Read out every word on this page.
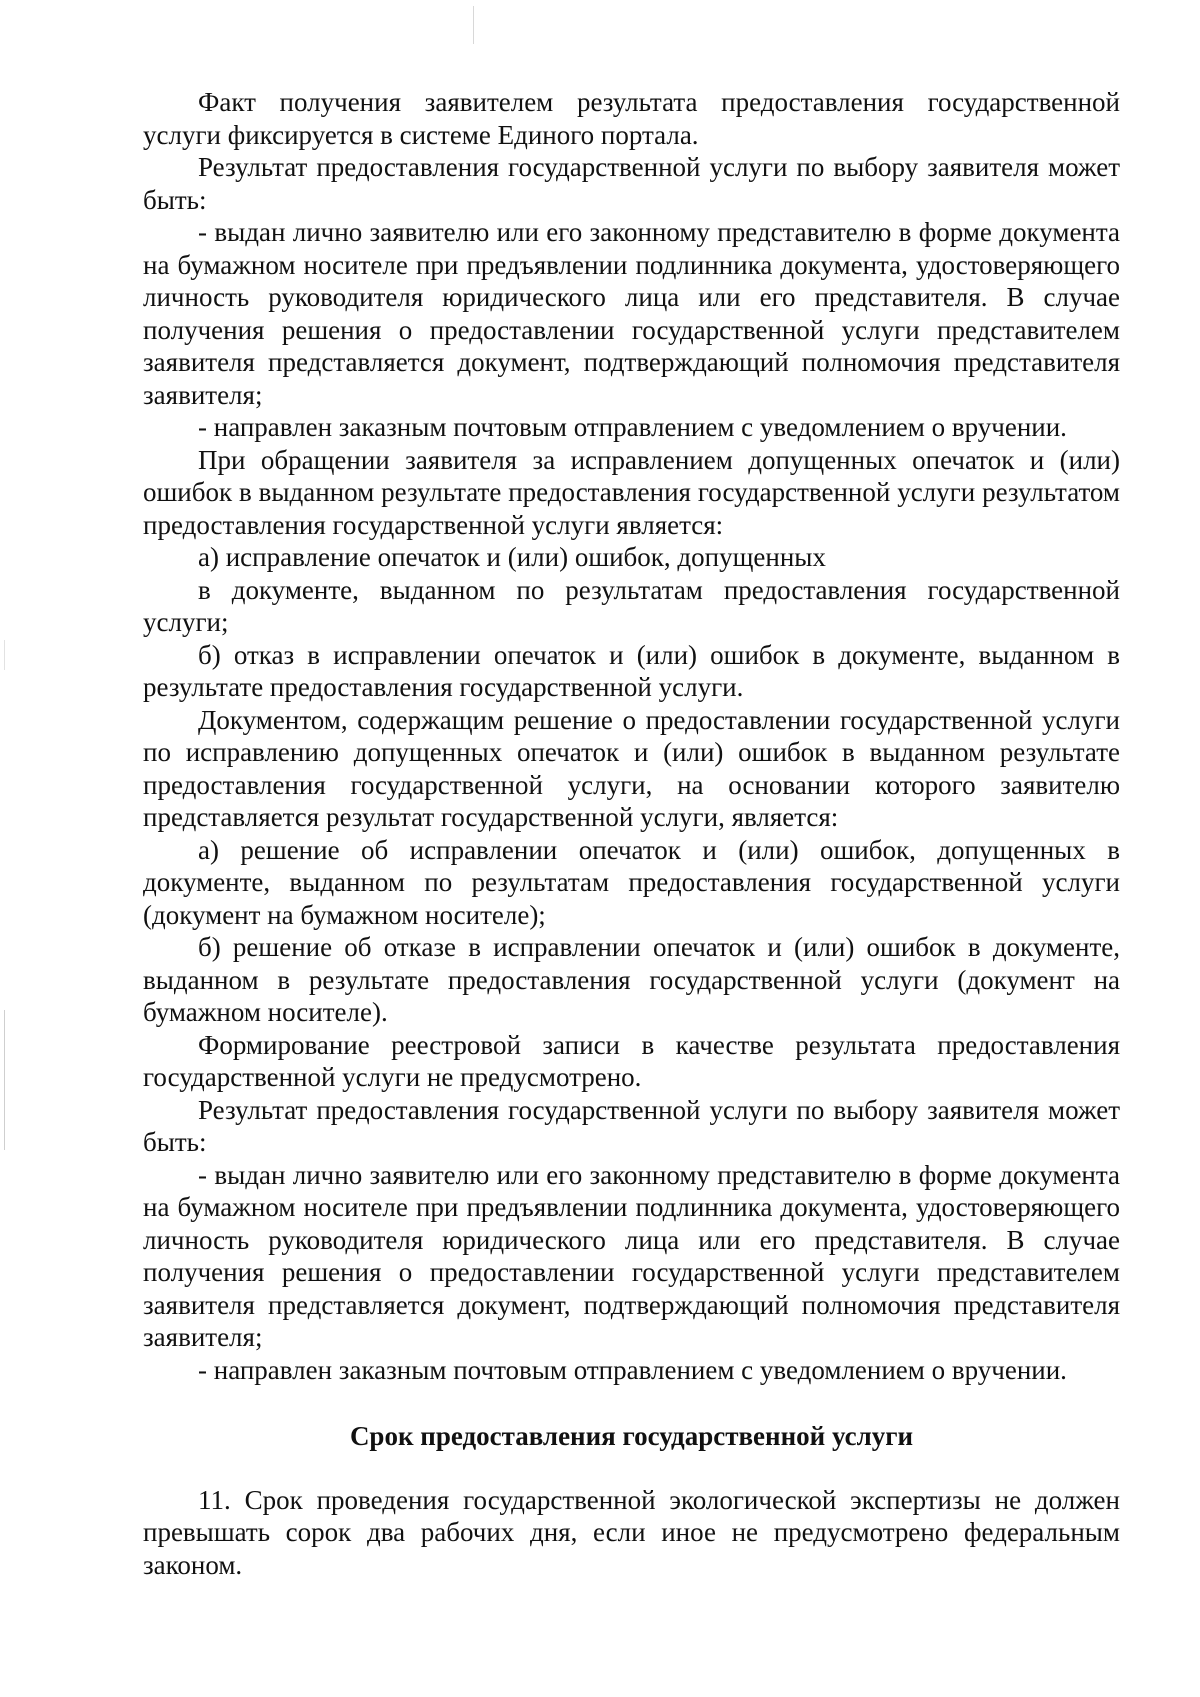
Факт получения заявителем результата предоставления государственной услуги фиксируется в системе Единого портала.

Результат предоставления государственной услуги по выбору заявителя может быть:

- выдан лично заявителю или его законному представителю в форме документа на бумажном носителе при предъявлении подлинника документа, удостоверяющего личность руководителя юридического лица или его представителя. В случае получения решения о предоставлении государственной услуги представителем заявителя представляется документ, подтверждающий полномочия представителя заявителя;

- направлен заказным почтовым отправлением с уведомлением о вручении.

При обращении заявителя за исправлением допущенных опечаток и (или) ошибок в выданном результате предоставления государственной услуги результатом предоставления государственной услуги является:

а) исправление опечаток и (или) ошибок, допущенных

в документе, выданном по результатам предоставления государственной услуги;

б) отказ в исправлении опечаток и (или) ошибок в документе, выданном в результате предоставления государственной услуги.

Документом, содержащим решение о предоставлении государственной услуги по исправлению допущенных опечаток и (или) ошибок в выданном результате предоставления государственной услуги, на основании которого заявителю представляется результат государственной услуги, является:

а) решение об исправлении опечаток и (или) ошибок, допущенных в документе, выданном по результатам предоставления государственной услуги (документ на бумажном носителе);

б) решение об отказе в исправлении опечаток и (или) ошибок в документе, выданном в результате предоставления государственной услуги (документ на бумажном носителе).

Формирование реестровой записи в качестве результата предоставления государственной услуги не предусмотрено.

Результат предоставления государственной услуги по выбору заявителя может быть:

- выдан лично заявителю или его законному представителю в форме документа на бумажном носителе при предъявлении подлинника документа, удостоверяющего личность руководителя юридического лица или его представителя. В случае получения решения о предоставлении государственной услуги представителем заявителя представляется документ, подтверждающий полномочия представителя заявителя;

- направлен заказным почтовым отправлением с уведомлением о вручении.

Срок предоставления государственной услуги

11. Срок проведения государственной экологической экспертизы не должен превышать сорок два рабочих дня, если иное не предусмотрено федеральным законом.
